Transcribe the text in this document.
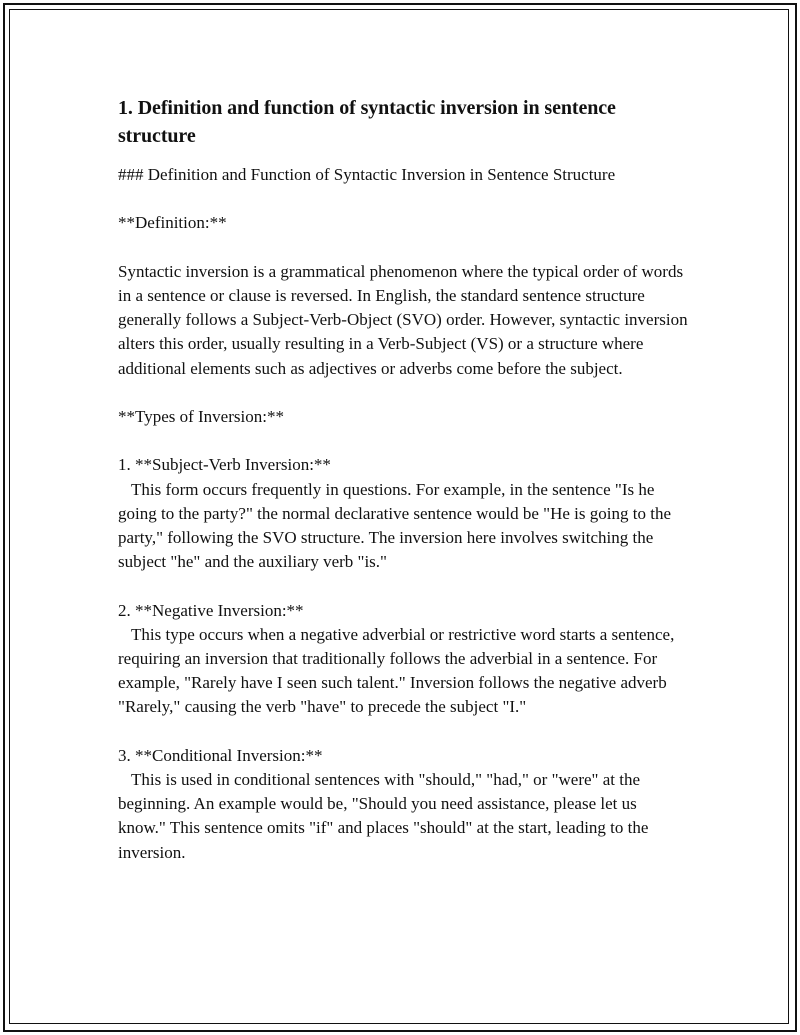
1. Definition and function of syntactic inversion in sentence structure

### Definition and Function of Syntactic Inversion in Sentence Structure

**Definition:**

Syntactic inversion is a grammatical phenomenon where the typical order of words in a sentence or clause is reversed. In English, the standard sentence structure generally follows a Subject-Verb-Object (SVO) order. However, syntactic inversion alters this order, usually resulting in a Verb-Subject (VS) or a structure where additional elements such as adjectives or adverbs come before the subject.

**Types of Inversion:**

1. **Subject-Verb Inversion:**
This form occurs frequently in questions. For example, in the sentence "Is he going to the party?" the normal declarative sentence would be "He is going to the party," following the SVO structure. The inversion here involves switching the subject "he" and the auxiliary verb "is."
2. **Negative Inversion:**
This type occurs when a negative adverbial or restrictive word starts a sentence, requiring an inversion that traditionally follows the adverbial in a sentence. For example, "Rarely have I seen such talent." Inversion follows the negative adverb "Rarely," causing the verb "have" to precede the subject "I."
3. **Conditional Inversion:**
This is used in conditional sentences with "should," "had," or "were" at the beginning. An example would be, "Should you need assistance, please let us know." This sentence omits "if" and places "should" at the start, leading to the inversion.
